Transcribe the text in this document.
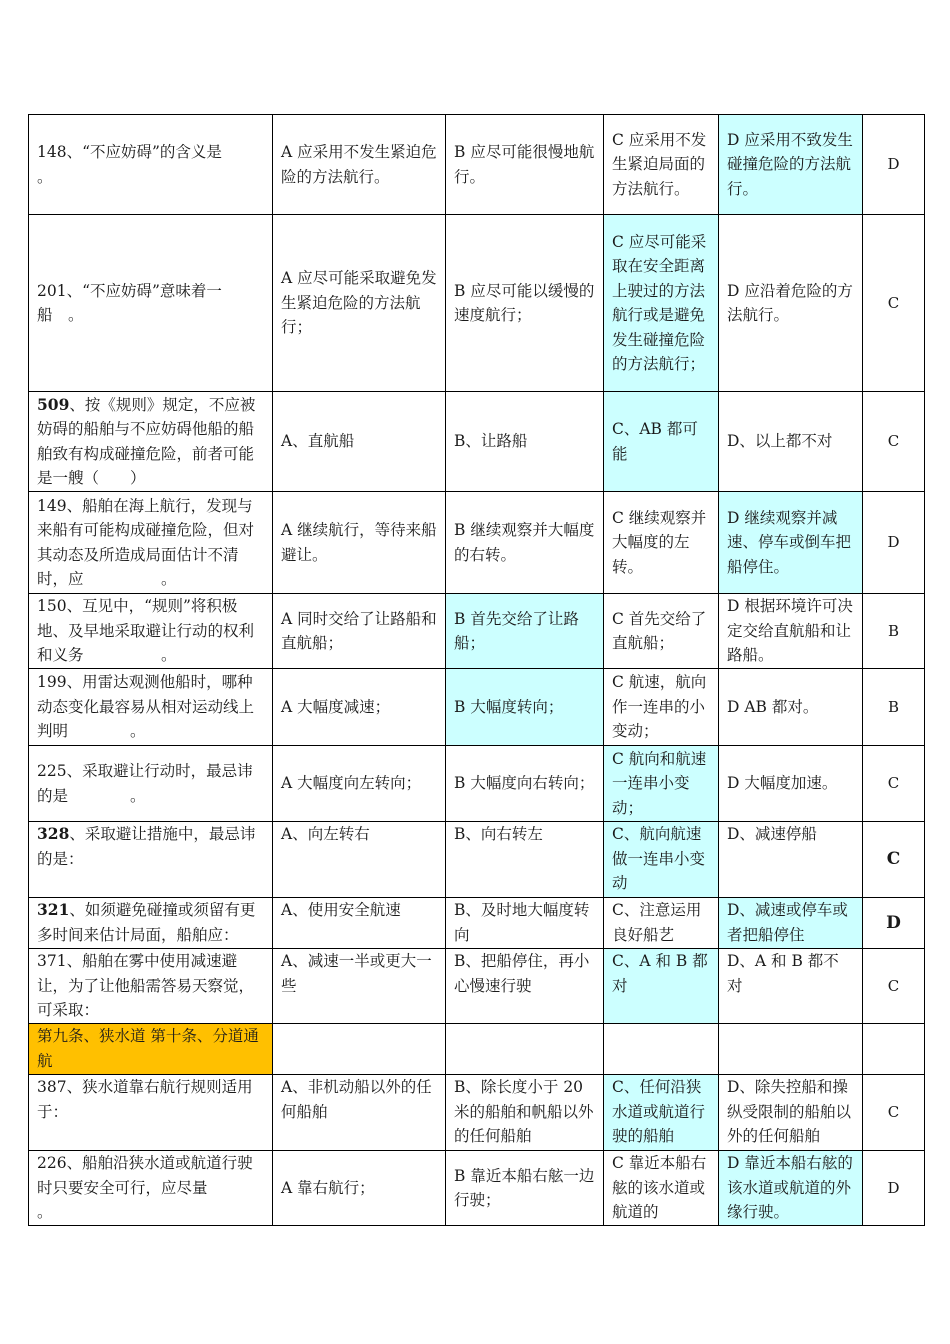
148、“不应妨碍”的含义是　　　　　。	A 应采用不发生紧迫危险的方法航行。	B 应尽可能很慢地航行。	C 应采用不发生紧迫局面的方法航行。	D 应采用不致发生碰撞危险的方法航行。	D
201、“不应妨碍”意味着一船　。	A 应尽可能采取避免发生紧迫危险的方法航行；	B 应尽可能以缓慢的速度航行；	C 应尽可能采取在安全距离上驶过的方法航行或是避免发生碰撞危险的方法航行；	D 应沿着危险的方法航行。	C
509、按《规则》规定，不应被妨碍的船舶与不应妨碍他船的船舶致有构成碰撞危险，前者可能是一艘（　　）	A、直航船	B、让路船	C、AB 都可能	D、以上都不对	C
149、船舶在海上航行，发现与来船有可能构成碰撞危险，但对其动态及所造成局面估计不清时，应　　　　　。	A 继续航行，等待来船避让。	B 继续观察并大幅度的右转。	C 继续观察并大幅度的左转。	D 继续观察并减速、停车或倒车把船停住。	D
150、互见中，“规则”将积极地、及早地采取避让行动的权利和义务　　　　　。	A 同时交给了让路船和直航船；	B 首先交给了让路船；	C 首先交给了直航船；	D 根据环境许可决定交给直航船和让路船。	B
199、用雷达观测他船时，哪种动态变化最容易从相对运动线上判明　　　　。	A 大幅度减速；	B 大幅度转向；	C 航速，航向作一连串的小变动；	D AB 都对。	B
225、采取避让行动时，最忌讳的是　　　　。	A 大幅度向左转向；	B 大幅度向右转向；	C 航向和航速一连串小变动；	D 大幅度加速。	C
328、采取避让措施中，最忌讳的是：	A、向左转右	B、向右转左	C、航向航速做一连串小变动	D、减速停船	C
321、如须避免碰撞或须留有更多时间来估计局面，船舶应：	A、使用安全航速	B、及时地大幅度转向	C、注意运用良好船艺	D、减速或停车或者把船停住	D
371、船舶在雾中使用减速避让，为了让他船需答易天察觉，可采取：	A、减速一半或更大一些	B、把船停住，再小心慢速行驶	C、A 和 B 都对	D、A 和 B 都不对	C
第九条、狭水道 第十条、分道通航					
387、狭水道靠右航行规则适用于：	A、非机动船以外的任何船舶	B、除长度小于 20 米的船舶和帆船以外的任何船舶	C、任何沿狭水道或航道行驶的船舶	D、除失控船和操纵受限制的船舶以外的任何船舶	C
226、船舶沿狭水道或航道行驶时只要安全可行，应尽量　　　　。	A 靠右航行；	B 靠近本船右舷一边行驶；	C 靠近本船右舷的该水道或航道的	D 靠近本船右舷的该水道或航道的外缘行驶。	D
